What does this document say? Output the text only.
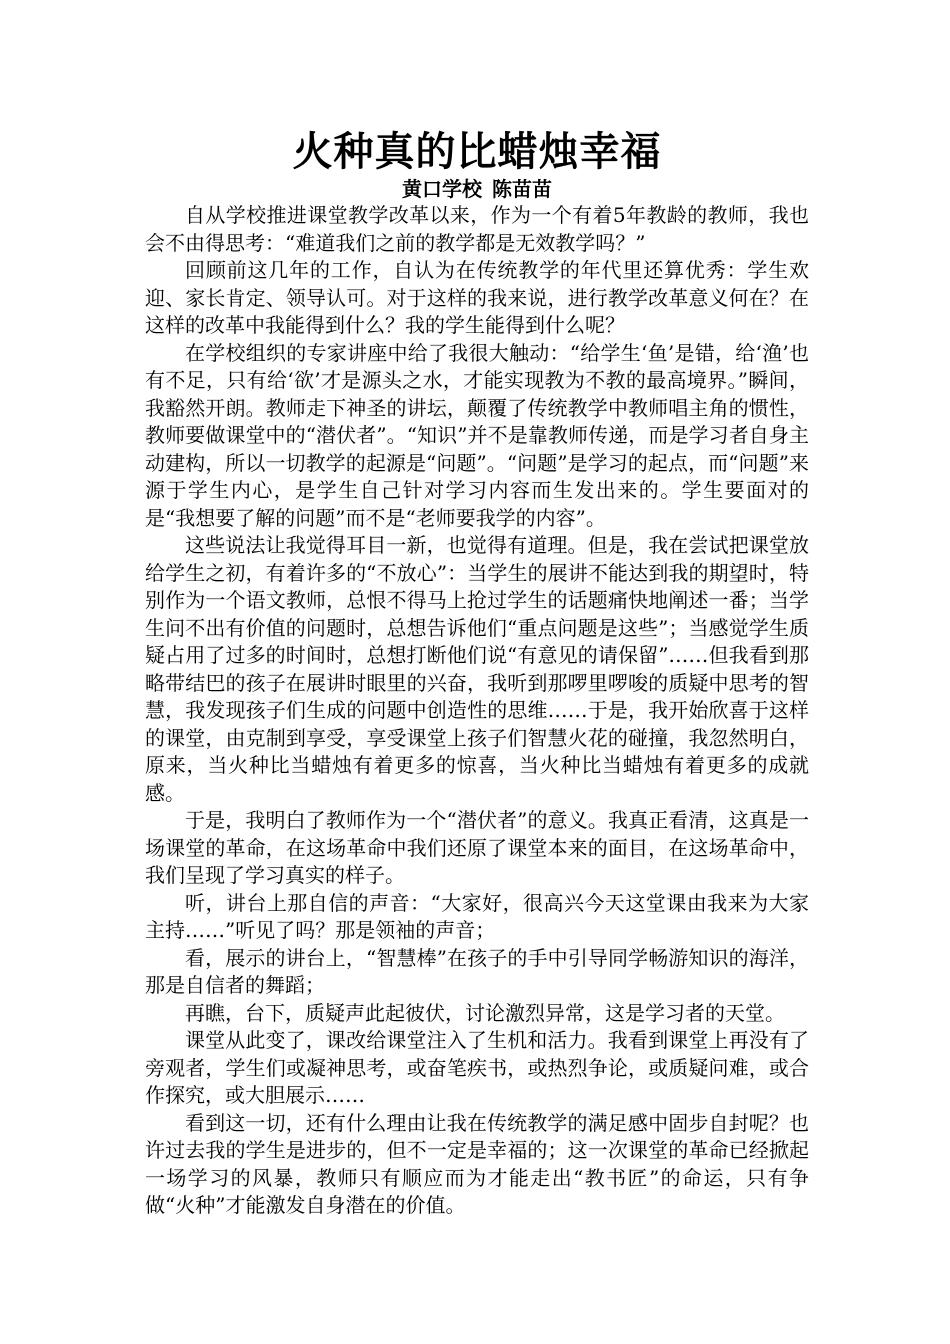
火种真的比蜡烛幸福
黄口学校 陈苗苗

自从学校推进课堂教学改革以来，作为一个有着5年教龄的教师，我也会不由得思考：“难道我们之前的教学都是无效教学吗？”

回顾前这几年的工作，自认为在传统教学的年代里还算优秀：学生欢迎、家长肯定、领导认可。对于这样的我来说，进行教学改革意义何在？在这样的改革中我能得到什么？我的学生能得到什么呢？

在学校组织的专家讲座中给了我很大触动：“给学生‘鱼’是错，给‘渔’也有不足，只有给‘欲’才是源头之水，才能实现教为不教的最高境界。”瞬间，我豁然开朗。教师走下神圣的讲坛，颠覆了传统教学中教师唱主角的惯性，教师要做课堂中的“潜伏者”。“知识”并不是靠教师传递，而是学习者自身主动建构，所以一切教学的起源是“问题”。“问题”是学习的起点，而“问题”来源于学生内心，是学生自己针对学习内容而生发出来的。学生要面对的是“我想要了解的问题”而不是“老师要我学的内容”。

这些说法让我觉得耳目一新，也觉得有道理。但是，我在尝试把课堂放给学生之初，有着许多的“不放心”：当学生的展讲不能达到我的期望时，特别作为一个语文教师，总恨不得马上抢过学生的话题痛快地阐述一番；当学生问不出有价值的问题时，总想告诉他们“重点问题是这些”；当感觉学生质疑占用了过多的时间时，总想打断他们说“有意见的请保留”……但我看到那略带结巴的孩子在展讲时眼里的兴奋，我听到那啰里啰唆的质疑中思考的智慧，我发现孩子们生成的问题中创造性的思维……于是，我开始欣喜于这样的课堂，由克制到享受，享受课堂上孩子们智慧火花的碰撞，我忽然明白，原来，当火种比当蜡烛有着更多的惊喜，当火种比当蜡烛有着更多的成就感。

于是，我明白了教师作为一个“潜伏者”的意义。我真正看清，这真是一场课堂的革命，在这场革命中我们还原了课堂本来的面目，在这场革命中，我们呈现了学习真实的样子。

听，讲台上那自信的声音：“大家好，很高兴今天这堂课由我来为大家主持……”听见了吗？那是领袖的声音；

看，展示的讲台上，“智慧棒”在孩子的手中引导同学畅游知识的海洋，那是自信者的舞蹈；

再瞧，台下，质疑声此起彼伏，讨论激烈异常，这是学习者的天堂。

课堂从此变了，课改给课堂注入了生机和活力。我看到课堂上再没有了旁观者，学生们或凝神思考，或奋笔疾书，或热烈争论，或质疑问难，或合作探究，或大胆展示……

看到这一切，还有什么理由让我在传统教学的满足感中固步自封呢？也许过去我的学生是进步的，但不一定是幸福的；这一次课堂的革命已经掀起一场学习的风暴，教师只有顺应而为才能走出“教书匠”的命运，只有争做“火种”才能激发自身潜在的价值。
